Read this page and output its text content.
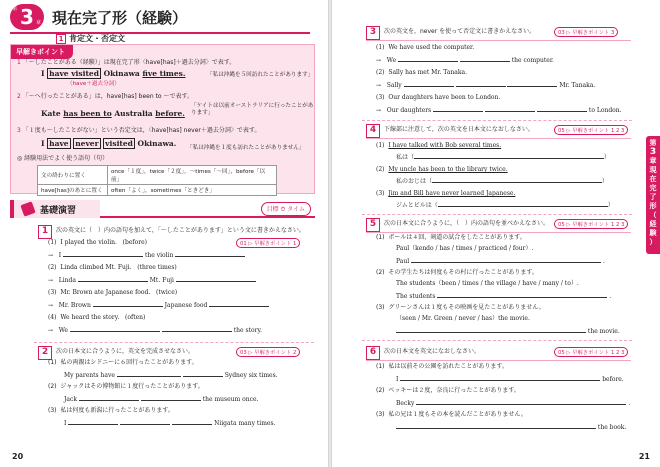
3
第
章 現在完了形（経験）
1 肯定文・否定文
早解きポイント
1 「〜したことがある（経験）」は現在完了形〈have[has]＋過去分詞〉で表す。
I have visited Okinawa five times.	「私は沖縄を５回訪れたことがあります」
（have＋過去分詞）
2 「〜へ行ったことがある」は，have[has] been to 〜で表す。
「ケイトは以前オーストラリアに行ったことがあります」
Kate has been to Australia before.
3 「１度も〜したことがない」という否定文は，〈have[has] never＋過去分詞〉で表す。
I have never visited Okinawa. 「私は沖縄を１度も訪れたことがありません」
◎ 経験用法でよく使う語句（句）
文の終わりに置く	once「１度」，twice「２度」，〜times「〜回」，before「以前」
have[has]のあとに置く	often「よく」，sometimes「ときどき」
基礎演習	目標 ⏱ タイム
1	次の英文に（　）内の語句を加えて，「〜したことがあります」という文に書きかえなさい。
01 ▷ 早解きポイント 1
(1) I played the violin. (before)
→   I	the violin
(2) Linda climbed Mt. Fuji. (three times)
→   Linda	Mt. Fuji
(3) Mr. Brown ate Japanese food. (twice)
→   Mr. Brown	Japanese food
(4) We heard the story. (often)
→   We	the story.
2	次の日本文に合うように，英文を完成させなさい。	03 ▷ 早解きポイント 2
(1) 私の両親はシドニーに６回行ったことがあります。
My parents have	Sydney six times.
(2) ジャックはその博物館に１度行ったことがあります。
Jack	the museum once.
(3) 私は何度も新潟に行ったことがあります。
I	Niigata many times.
20
3	次の英文を，never を使って否定文に書きかえなさい。	03 ▷ 早解きポイント 3
(1) We have used the computer.
→ We	the computer.
(2) Sally has met Mr. Tanaka.
→ Sally	Mr. Tanaka.
(3) Our daughters have been to London.
→ Our daughters	to London.
4	下線部に注意して，次の英文を日本文になおしなさい。	05 ▷ 早解きポイント 1 2 3
(1) I have talked with Bob several times.
私は（	）
(2) My uncle has been to the library twice.
私のおじは（	）
(3) Jim and Bill have never learned Japanese.
ジムとビルは（	）
5	次の日本文に合うように，（　）内の語句を並べかえなさい。	05 ▷ 早解きポイント 1 2 3
(1) ポールは４回，剣道の試合をしたことがあります。
Paul（kendo / has / times / practiced / four）.
Paul	.
(2) その学生たちは何度もその村に行ったことがあります。
The students（been / times / the village / have / many / to）.
The students	.
(3) グリーンさんは１度もその映画を見たことがありません。
（seen / Mr. Green / never / has）the movie.
the movie.
6	次の日本文を英文になおしなさい。	05 ▷ 早解きポイント 1 2 3
(1) 私は以前その公園を訪れたことがあります。
I	before.
(2) ベッキーは２度，奈良に行ったことがあります。
Becky	.
(3) 私の兄は１度もその本を読んだことがありません。
the book.
第
3
章
現
在
完
了
形
（
経
験
）
21
